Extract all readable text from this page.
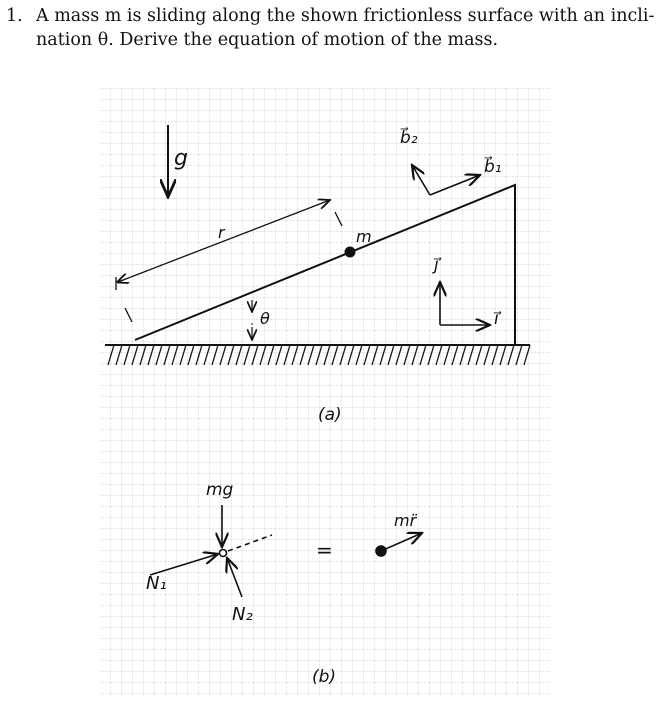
1. A mass m is sliding along the shown frictionless surface with an incli-
nation θ. Derive the equation of motion of the mass.
g
r	m
θ
b⃗₂
b⃗₁
j⃗
i⃗
(a)
mg
N₁
N₂
=
mr̈
(b)
